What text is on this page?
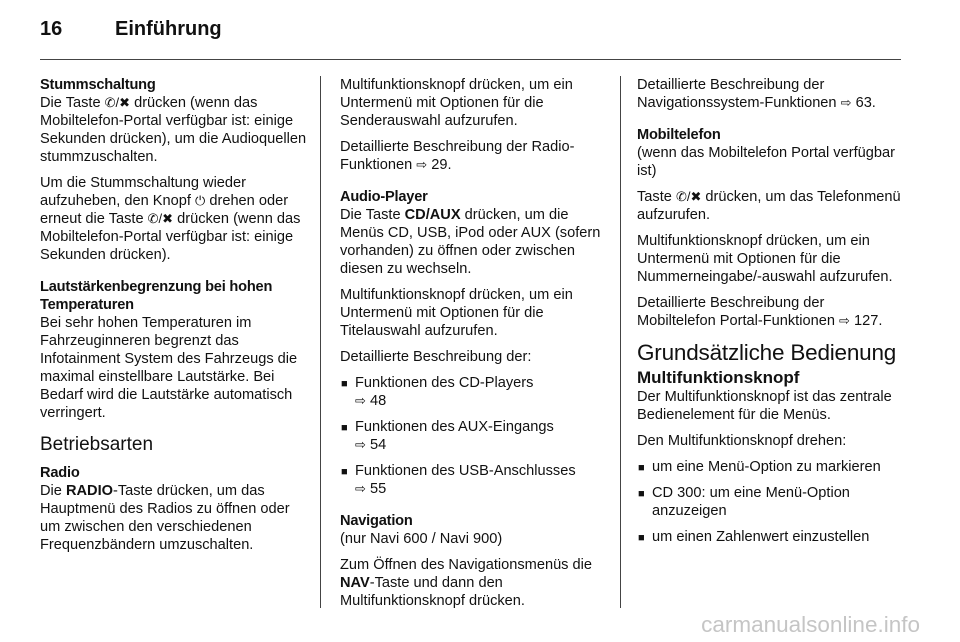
16	Einführung
Stummschaltung

Die Taste ✆/✖ drücken (wenn das Mobiltelefon-Portal verfügbar ist: einige Sekunden drücken), um die Audioquellen stummzuschalten.

Um die Stummschaltung wieder aufzuheben, den Knopf ⏻ drehen oder erneut die Taste ✆/✖ drücken (wenn das Mobiltelefon-Portal verfügbar ist: einige Sekunden drücken).

Lautstärkenbegrenzung bei hohen Temperaturen

Bei sehr hohen Temperaturen im Fahrzeuginneren begrenzt das Infotainment System des Fahrzeugs die maximal einstellbare Lautstärke. Bei Bedarf wird die Lautstärke automatisch verringert.

Betriebsarten
Radio

Die RADIO-Taste drücken, um das Hauptmenü des Radios zu öffnen oder um zwischen den verschiedenen Frequenzbändern umzuschalten.

Multifunktionsknopf drücken, um ein Untermenü mit Optionen für die Senderauswahl aufzurufen.

Detaillierte Beschreibung der Radio-Funktionen ⇨ 29.

Audio-Player

Die Taste CD/AUX drücken, um die Menüs CD, USB, iPod oder AUX (sofern vorhanden) zu öffnen oder zwischen diesen zu wechseln.

Multifunktionsknopf drücken, um ein Untermenü mit Optionen für die Titelauswahl aufzurufen.

Detaillierte Beschreibung der:

■ Funktionen des CD-Players
⇨ 48
■ Funktionen des AUX-Eingangs
⇨ 54
■ Funktionen des USB-Anschlusses
⇨ 55
Navigation

(nur Navi 600 / Navi 900)

Zum Öffnen des Navigationsmenüs die NAV-Taste und dann den Multifunktionsknopf drücken.

Detaillierte Beschreibung der Navigationssystem-Funktionen ⇨ 63.

Mobiltelefon

(wenn das Mobiltelefon Portal verfügbar ist)

Taste ✆/✖ drücken, um das Telefonmenü aufzurufen.

Multifunktionsknopf drücken, um ein Untermenü mit Optionen für die Nummerneingabe/-auswahl aufzurufen.

Detaillierte Beschreibung der Mobiltelefon Portal-Funktionen ⇨ 127.

Grundsätzliche Bedienung
Multifunktionsknopf

Der Multifunktionsknopf ist das zentrale Bedienelement für die Menüs.

Den Multifunktionsknopf drehen:

■ um eine Menü-Option zu markieren
■ CD 300: um eine Menü-Option anzuzeigen
■ um einen Zahlenwert einzustellen
carmanualsonline.info
